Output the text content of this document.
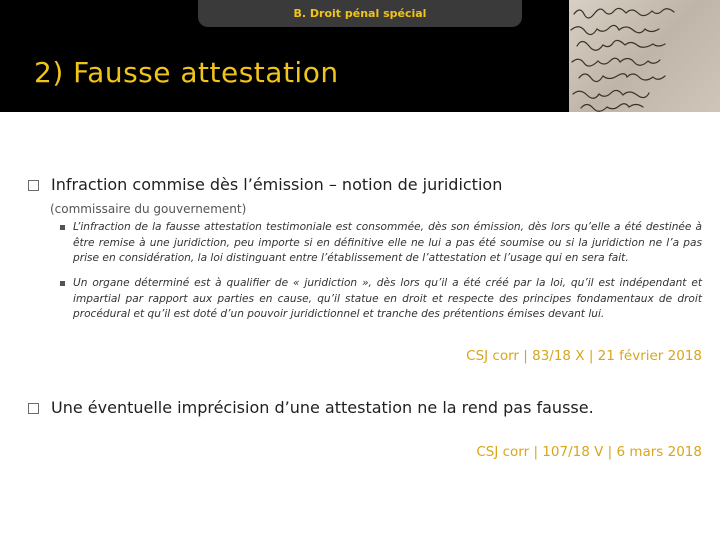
B. Droit pénal spécial
2) Fausse attestation
Infraction commise dès l’émission – notion de juridiction
(commissaire du gouvernement)
L’infraction de la fausse attestation testimoniale est consommée, dès son émission, dès lors qu’elle a été destinée à être remise à une juridiction, peu importe si en définitive elle ne lui a pas été soumise ou si la juridiction ne l’a pas prise en considération, la loi distinguant entre l’établissement de l’attestation et l’usage qui en sera fait.
Un organe déterminé est à qualifier de « juridiction », dès lors qu’il a été créé par la loi, qu’il est indépendant et impartial par rapport aux parties en cause, qu’il statue en droit et respecte des principes fondamentaux de droit procédural et qu’il est doté d’un pouvoir juridictionnel et tranche des prétentions émises devant lui.
CSJ corr | 83/18 X | 21 février 2018
Une éventuelle imprécision d’une attestation ne la rend pas fausse.
CSJ corr | 107/18 V | 6 mars 2018
